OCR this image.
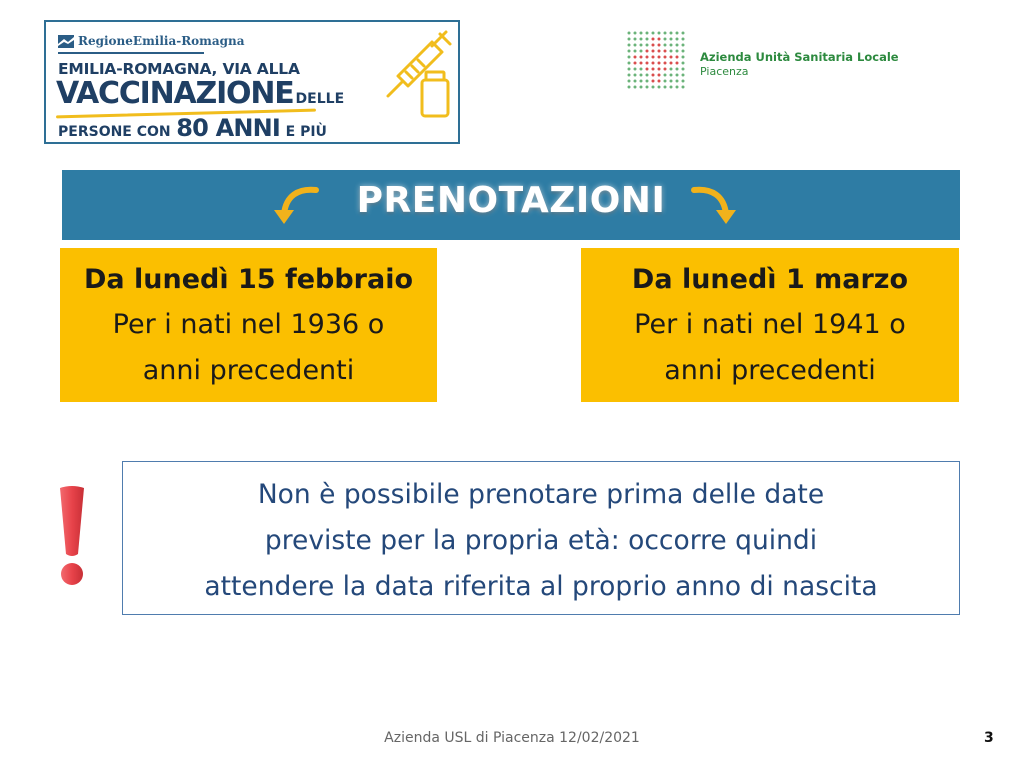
RegioneEmilia-Romagna
EMILIA-ROMAGNA, VIA ALLA
VACCINAZIONE DELLE
PERSONE CON 80 ANNI E PIÙ
Azienda Unità Sanitaria Locale
Piacenza
PRENOTAZIONI
Da lunedì 15 febbraio
Per i nati nel 1936 o
anni precedenti
Da lunedì 1 marzo
Per i nati nel 1941 o
anni precedenti
Non è possibile prenotare prima delle date
previste per la propria età: occorre quindi
attendere la data riferita al proprio anno di nascita
Azienda USL di Piacenza 12/02/2021	3
